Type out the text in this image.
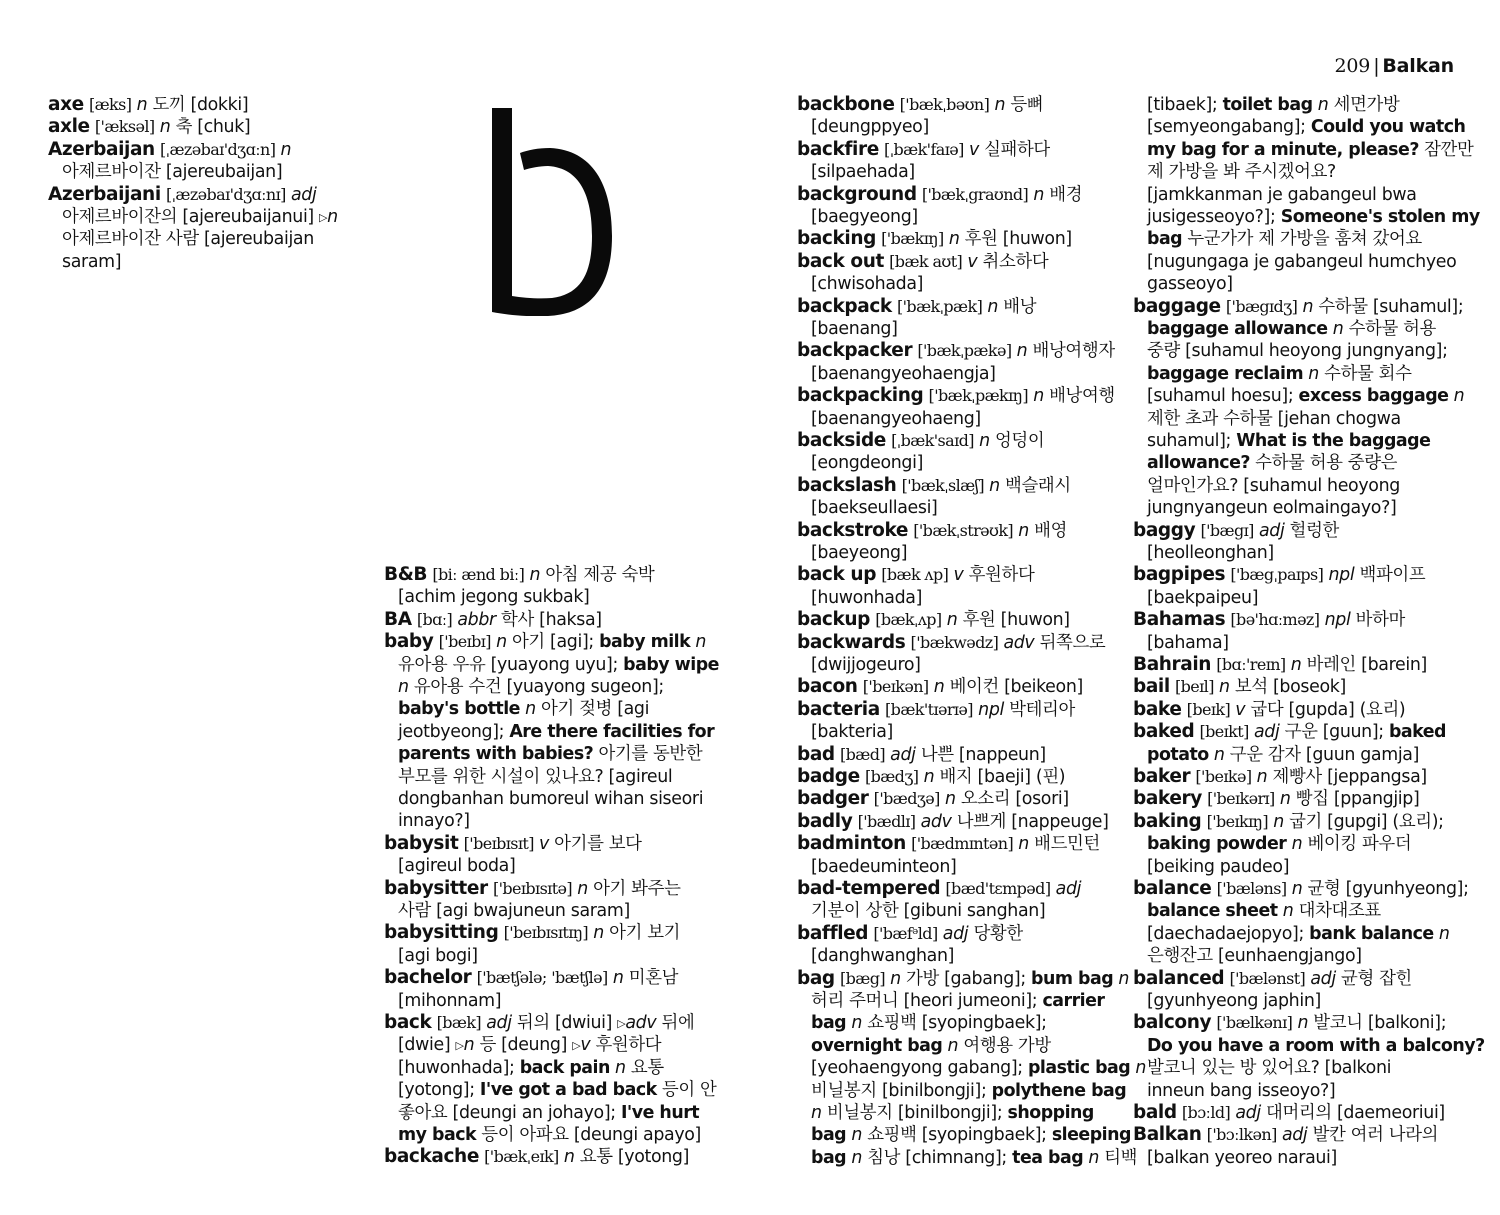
209 | Balkan
axe [æks] n 도끼 [dokki]
axle ['æksəl] n 축 [chuk]
Azerbaijan [ˌæzəbaɪ'dʒɑːn] n
아제르바이잔 [ajereubaijan]
Azerbaijani [ˌæzəbaɪ'dʒɑːnɪ] adj
아제르바이잔의 [ajereubaijanui] ▷n
아제르바이잔 사람 [ajereubaijan
saram]
B&B [biː ænd biː] n 아침 제공 숙박
[achim jegong sukbak]
BA [bɑː] abbr 학사 [haksa]
baby ['beɪbɪ] n 아기 [agi]; baby milk n
유아용 우유 [yuayong uyu]; baby wipe
n 유아용 수건 [yuayong sugeon];
baby's bottle n 아기 젖병 [agi
jeotbyeong]; Are there facilities for
parents with babies? 아기를 동반한
부모를 위한 시설이 있나요? [agireul
dongbanhan bumoreul wihan siseori
innayo?]
babysit ['beɪbɪsɪt] v 아기를 보다
[agireul boda]
babysitter ['beɪbɪsɪtə] n 아기 봐주는
사람 [agi bwajuneun saram]
babysitting ['beɪbɪsɪtɪŋ] n 아기 보기
[agi bogi]
bachelor ['bætʃələ; 'bætʃlə] n 미혼남
[mihonnam]
back [bæk] adj 뒤의 [dwiui] ▷adv 뒤에
[dwie] ▷n 등 [deung] ▷v 후원하다
[huwonhada]; back pain n 요통
[yotong]; I've got a bad back 등이 안
좋아요 [deungi an johayo]; I've hurt
my back 등이 아파요 [deungi apayo]
backache ['bækˌeɪk] n 요통 [yotong]
backbone ['bækˌbəʊn] n 등뼈
[deungppyeo]
backfire [ˌbæk'faɪə] v 실패하다
[silpaehada]
background ['bækˌgraʊnd] n 배경
[baegyeong]
backing ['bækɪŋ] n 후원 [huwon]
back out [bæk aʊt] v 취소하다
[chwisohada]
backpack ['bækˌpæk] n 배낭
[baenang]
backpacker ['bækˌpækə] n 배낭여행자
[baenangyeohaengja]
backpacking ['bækˌpækɪŋ] n 배낭여행
[baenangyeohaeng]
backside [ˌbæk'saɪd] n 엉덩이
[eongdeongi]
backslash ['bækˌslæʃ] n 백슬래시
[baekseullaesi]
backstroke ['bækˌstrəʊk] n 배영
[baeyeong]
back up [bæk ʌp] v 후원하다
[huwonhada]
backup [bækˌʌp] n 후원 [huwon]
backwards ['bækwədz] adv 뒤쪽으로
[dwijjogeuro]
bacon ['beɪkən] n 베이컨 [beikeon]
bacteria [bæk'tɪərɪə] npl 박테리아
[bakteria]
bad [bæd] adj 나쁜 [nappeun]
badge [bædʒ] n 배지 [baeji] (핀)
badger ['bædʒə] n 오소리 [osori]
badly ['bædlɪ] adv 나쁘게 [nappeuge]
badminton ['bædmɪntən] n 배드민턴
[baedeuminteon]
bad-tempered [bæd'tɛmpəd] adj
기분이 상한 [gibuni sanghan]
baffled ['bæfᵊld] adj 당황한
[danghwanghan]
bag [bæg] n 가방 [gabang]; bum bag n
허리 주머니 [heori jumeoni]; carrier
bag n 쇼핑백 [syopingbaek];
overnight bag n 여행용 가방
[yeohaengyong gabang]; plastic bag n
비닐봉지 [binilbongji]; polythene bag
n 비닐봉지 [binilbongji]; shopping
bag n 쇼핑백 [syopingbaek]; sleeping
bag n 침낭 [chimnang]; tea bag n 티백
[tibaek]; toilet bag n 세면가방
[semyeongabang]; Could you watch
my bag for a minute, please? 잠깐만
제 가방을 봐 주시겠어요?
[jamkkanman je gabangeul bwa
jusigesseoyo?]; Someone's stolen my
bag 누군가가 제 가방을 훔쳐 갔어요
[nugungaga je gabangeul humchyeo
gasseoyo]
baggage ['bægɪdʒ] n 수하물 [suhamul];
baggage allowance n 수하물 허용
중량 [suhamul heoyong jungnyang];
baggage reclaim n 수하물 회수
[suhamul hoesu]; excess baggage n
제한 초과 수하물 [jehan chogwa
suhamul]; What is the baggage
allowance? 수하물 허용 중량은
얼마인가요? [suhamul heoyong
jungnyangeun eolmaingayo?]
baggy ['bægɪ] adj 헐렁한
[heolleonghan]
bagpipes ['bægˌpaɪps] npl 백파이프
[baekpaipeu]
Bahamas [bə'hɑːməz] npl 바하마
[bahama]
Bahrain [bɑː'reɪn] n 바레인 [barein]
bail [beɪl] n 보석 [boseok]
bake [beɪk] v 굽다 [gupda] (요리)
baked [beɪkt] adj 구운 [guun]; baked
potato n 구운 감자 [guun gamja]
baker ['beɪkə] n 제빵사 [jeppangsa]
bakery ['beɪkərɪ] n 빵집 [ppangjip]
baking ['beɪkɪŋ] n 굽기 [gupgi] (요리);
baking powder n 베이킹 파우더
[beiking paudeo]
balance ['bæləns] n 균형 [gyunhyeong];
balance sheet n 대차대조표
[daechadaejopyo]; bank balance n
은행잔고 [eunhaengjango]
balanced ['bælənst] adj 균형 잡힌
[gyunhyeong japhin]
balcony ['bælkənɪ] n 발코니 [balkoni];
Do you have a room with a balcony?
발코니 있는 방 있어요? [balkoni
inneun bang isseoyo?]
bald [bɔːld] adj 대머리의 [daemeoriui]
Balkan ['bɔːlkən] adj 발칸 여러 나라의
[balkan yeoreo naraui]
